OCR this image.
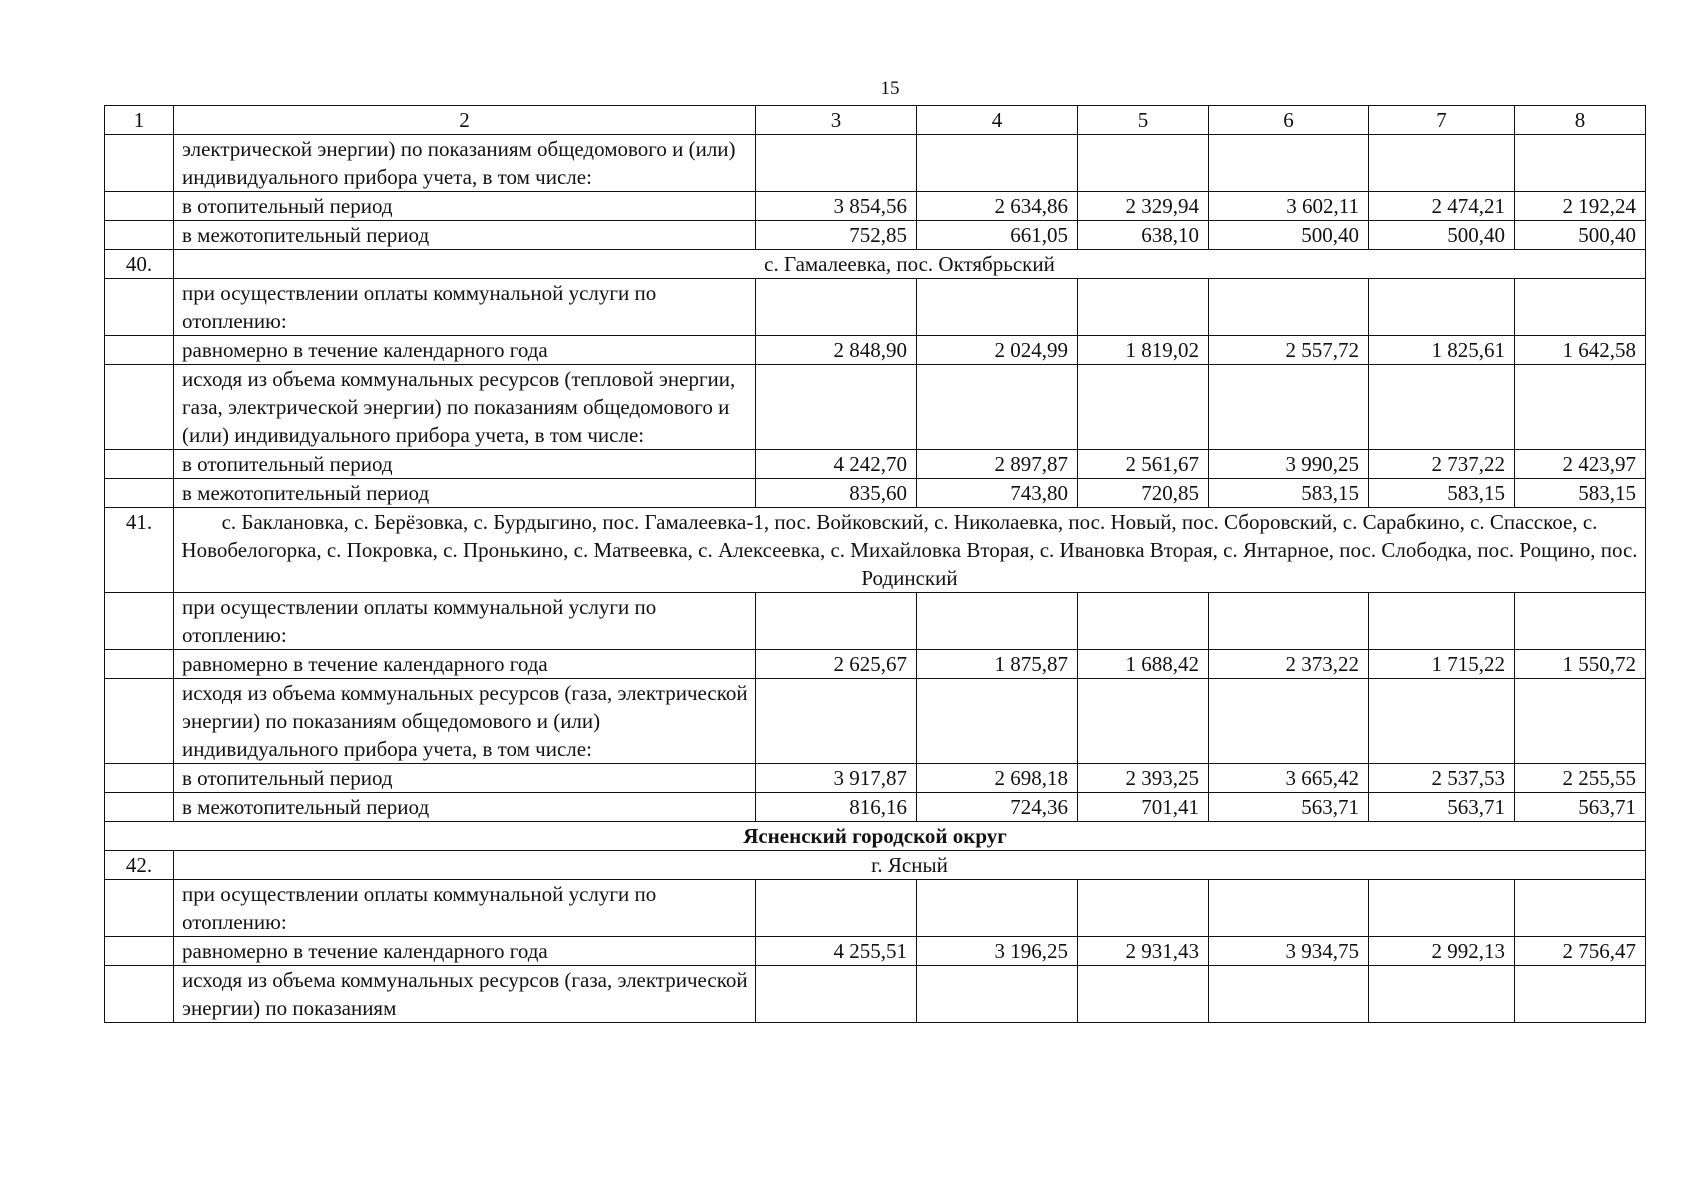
15
1	2	3	4	5	6	7	8
	электрической энергии) по показаниям общедомового и (или) индивидуального прибора учета, в том числе:						
	в отопительный период	3 854,56	2 634,86	2 329,94	3 602,11	2 474,21	2 192,24
	в межотопительный период	752,85	661,05	638,10	500,40	500,40	500,40
40.	с. Гамалеевка, пос. Октябрьский						
	при осуществлении оплаты коммунальной услуги по отоплению:						
	равномерно в течение календарного года	2 848,90	2 024,99	1 819,02	2 557,72	1 825,61	1 642,58
	исходя из объема коммунальных ресурсов (тепловой энергии, газа, электрической энергии) по показаниям общедомового и (или) индивидуального прибора учета, в том числе:						
	в отопительный период	4 242,70	2 897,87	2 561,67	3 990,25	2 737,22	2 423,97
	в межотопительный период	835,60	743,80	720,85	583,15	583,15	583,15
41.	с. Баклановка, с. Берёзовка, с. Бурдыгино, пос. Гамалеевка-1, пос. Войковский, с. Николаевка, пос. Новый, пос. Сборовский, с. Сарабкино, с. Спасское, с. Новобелогорка, с. Покровка, с. Пронькино, с. Матвеевка, с. Алексеевка, с. Михайловка Вторая, с. Ивановка Вторая, с. Янтарное, пос. Слободка, пос. Рощино, пос. Родинский						
	при осуществлении оплаты коммунальной услуги по отоплению:						
	равномерно в течение календарного года	2 625,67	1 875,87	1 688,42	2 373,22	1 715,22	1 550,72
	исходя из объема коммунальных ресурсов (газа, электрической энергии) по показаниям общедомового и (или) индивидуального прибора учета, в том числе:						
	в отопительный период	3 917,87	2 698,18	2 393,25	3 665,42	2 537,53	2 255,55
	в межотопительный период	816,16	724,36	701,41	563,71	563,71	563,71
Ясненский городской округ							
42.	г. Ясный						
	при осуществлении оплаты коммунальной услуги по отоплению:						
	равномерно в течение календарного года	4 255,51	3 196,25	2 931,43	3 934,75	2 992,13	2 756,47
	исходя из объема коммунальных ресурсов (газа, электрической энергии) по показаниям						
